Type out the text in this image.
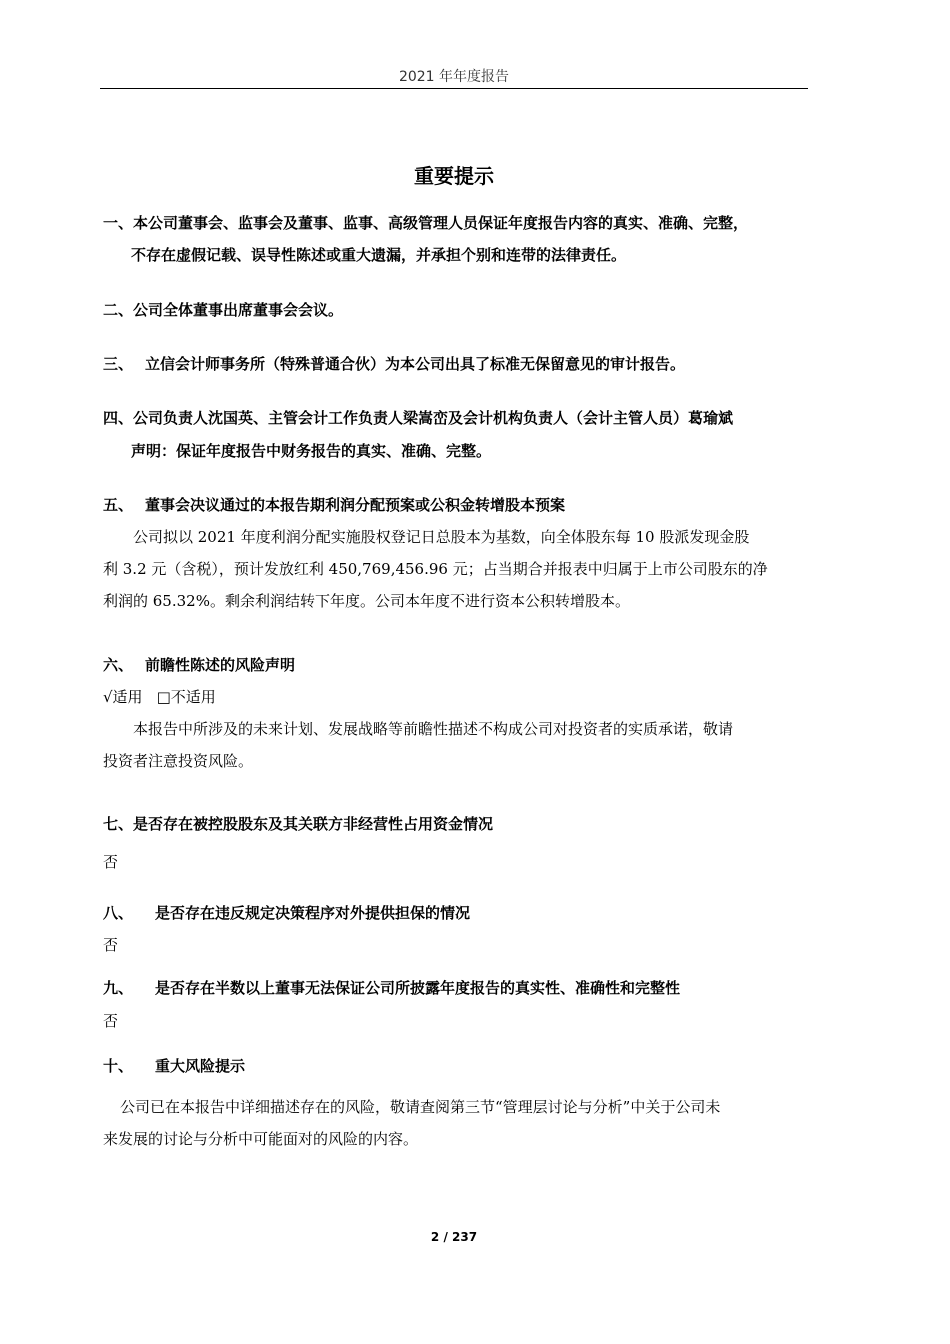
2021 年年度报告
重要提示
一、本公司董事会、监事会及董事、监事、高级管理人员保证年度报告内容的真实、准确、完整，
不存在虚假记载、误导性陈述或重大遗漏，并承担个别和连带的法律责任。
二、公司全体董事出席董事会会议。
三、 立信会计师事务所（特殊普通合伙）为本公司出具了标准无保留意见的审计报告。
四、公司负责人沈国英、主管会计工作负责人梁嵩峦及会计机构负责人（会计主管人员）葛瑜斌
声明：保证年度报告中财务报告的真实、准确、完整。
五、 董事会决议通过的本报告期利润分配预案或公积金转增股本预案
公司拟以 2021 年度利润分配实施股权登记日总股本为基数，向全体股东每 10 股派发现金股
利 3.2 元（含税），预计发放红利 450,769,456.96 元；占当期合并报表中归属于上市公司股东的净
利润的 65.32%。剩余利润结转下年度。公司本年度不进行资本公积转增股本。
六、 前瞻性陈述的风险声明
√适用 □不适用
本报告中所涉及的未来计划、发展战略等前瞻性描述不构成公司对投资者的实质承诺，敬请
投资者注意投资风险。
七、是否存在被控股股东及其关联方非经营性占用资金情况
否
八、 是否存在违反规定决策程序对外提供担保的情况
否
九、 是否存在半数以上董事无法保证公司所披露年度报告的真实性、准确性和完整性
否
十、 重大风险提示
公司已在本报告中详细描述存在的风险，敬请查阅第三节“管理层讨论与分析”中关于公司未
来发展的讨论与分析中可能面对的风险的内容。
2 / 237
